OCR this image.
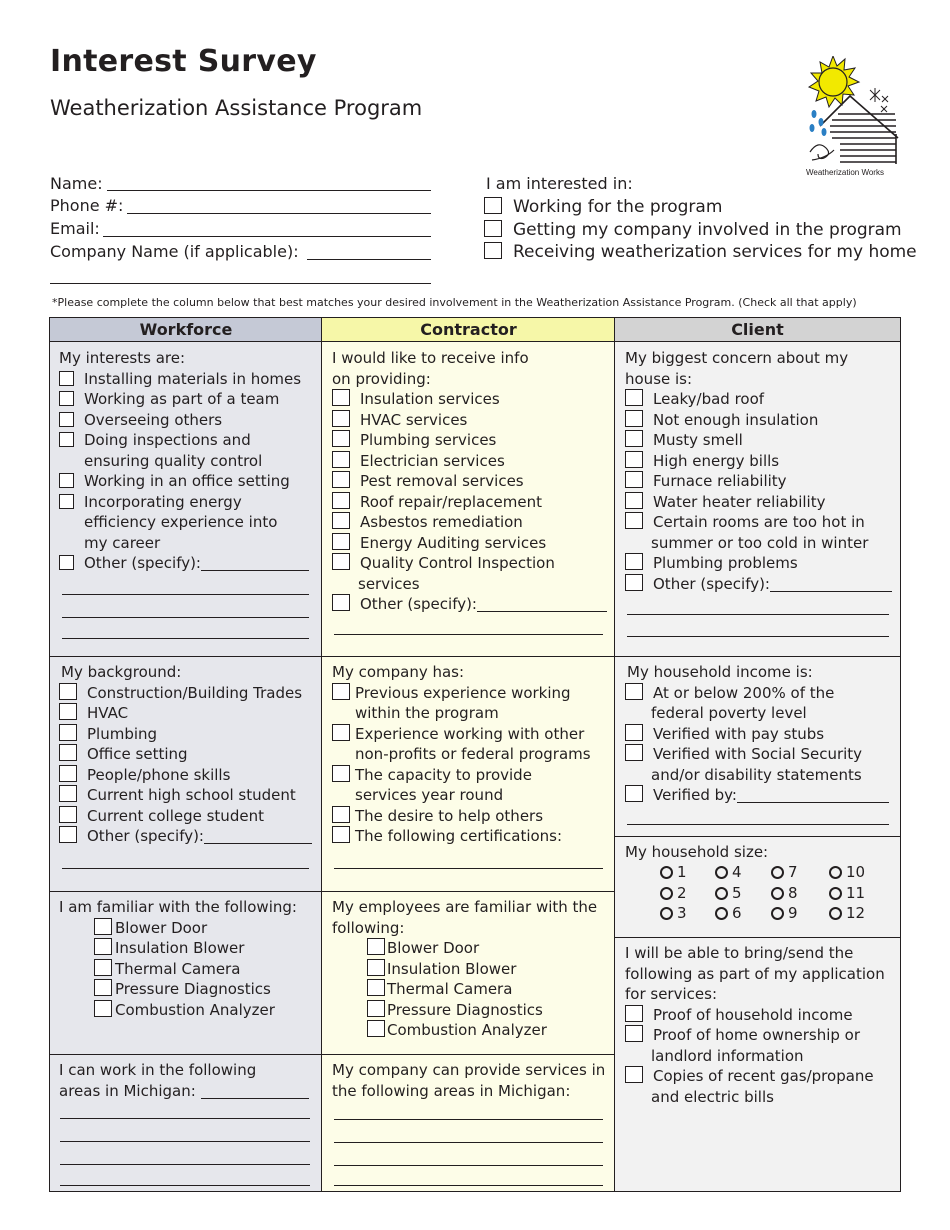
Interest Survey
Weatherization Assistance Program
Weatherization Works
Name:
Phone #:
Email:
Company Name (if applicable):
I am interested in:
Working for the program
Getting my company involved in the program
Receiving weatherization services for my home
*Please complete the column below that best matches your desired involvement in the Weatherization Assistance Program. (Check all that apply)
Workforce	Contractor	Client
My interests are:
Installing materials in homes
Working as part of a team
Overseeing others
Doing inspections and
ensuring quality control
Working in an office setting
Incorporating energy
efficiency experience into
my career
Other (specify):
My background:
Construction/Building Trades
HVAC
Plumbing
Office setting
People/phone skills
Current high school student
Current college student
Other (specify):
I am familiar with the following:
Blower Door
Insulation Blower
Thermal Camera
Pressure Diagnostics
Combustion Analyzer
I can work in the following
areas in Michigan:
I would like to receive info
on providing:
Insulation services
HVAC services
Plumbing services
Electrician services
Pest removal services
Roof repair/replacement
Asbestos remediation
Energy Auditing services
Quality Control Inspection
services
Other (specify):
My company has:
Previous experience working
within the program
Experience working with other
non-profits or federal programs
The capacity to provide
services year round
The desire to help others
The following certifications:
My employees are familiar with the
following:
Blower Door
Insulation Blower
Thermal Camera
Pressure Diagnostics
Combustion Analyzer
My company can provide services in
the following areas in Michigan:
My biggest concern about my
house is:
Leaky/bad roof
Not enough insulation
Musty smell
High energy bills
Furnace reliability
Water heater reliability
Certain rooms are too hot in
summer or too cold in winter
Plumbing problems
Other (specify):
My household income is:
At or below 200% of the
federal poverty level
Verified with pay stubs
Verified with Social Security
and/or disability statements
Verified by:
My household size:
1
2
3
4
5
6
7
8
9
10
11
12
I will be able to bring/send the
following as part of my application
for services:
Proof of household income
Proof of home ownership or
landlord information
Copies of recent gas/propane
and electric bills
